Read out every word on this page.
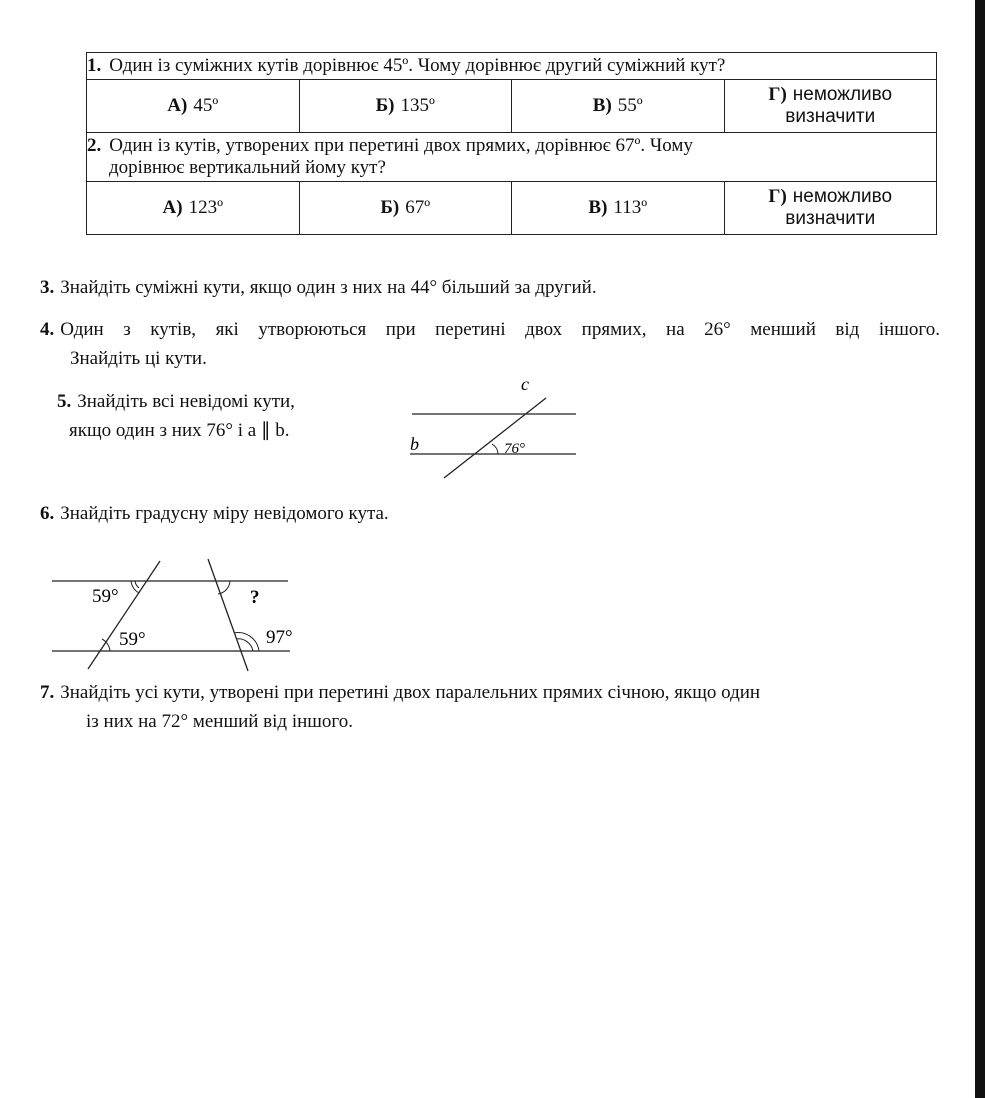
1. Один із суміжних кутів дорівнює 45º. Чому дорівнює другий суміжний кут?			
А) 45º	Б) 135º	В) 55º	Г) неможливо
визначити
2. Один із кутів, утворених при перетині двох прямих, дорівнює 67º. Чому
дорівнює вертикальний йому кут?			
А) 123º	Б) 67º	В) 113º	Г) неможливо
визначити
3. Знайдіть суміжні кути, якщо один з них на 44° більший за другий.
4. Один з кутів, які утворюються при перетині двох прямих, на 26° менший від іншого.
Знайдіть ці кути.
5. Знайдіть всі невідомі кути,
якщо один з них 76° і a ∥ b.
c
b	76°
6. Знайдіть градусну міру невідомого кута.
59°
59°
?
97°
7. Знайдіть усі кути, утворені при перетині двох паралельних прямих січною, якщо один
із них на 72° менший від іншого.
